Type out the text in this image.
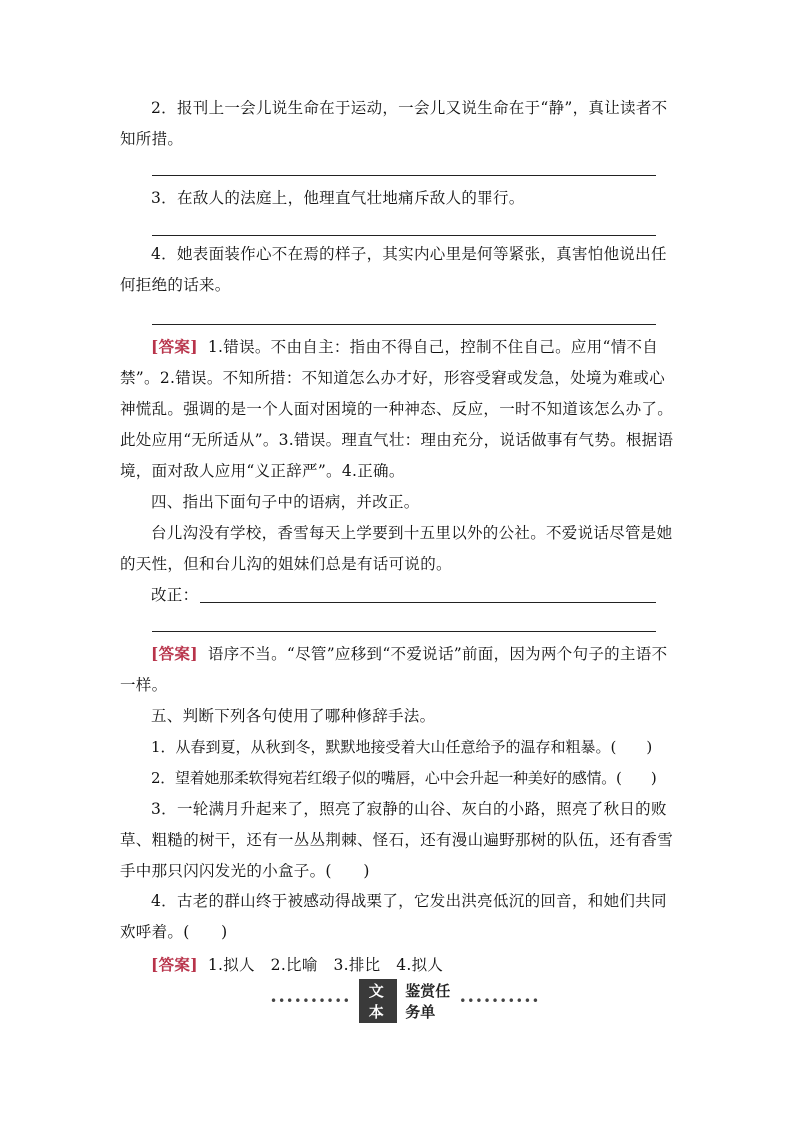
2．报刊上一会儿说生命在于运动，一会儿又说生命在于“静”，真让读者不知所措。

3．在敌人的法庭上，他理直气壮地痛斥敌人的罪行。

4．她表面装作心不在焉的样子，其实内心里是何等紧张，真害怕他说出任何拒绝的话来。

[答案] 1.错误。不由自主：指由不得自己，控制不住自己。应用“情不自禁”。2.错误。不知所措：不知道怎么办才好，形容受窘或发急，处境为难或心神慌乱。强调的是一个人面对困境的一种神态、反应，一时不知道该怎么办了。此处应用“无所适从”。3.错误。理直气壮：理由充分，说话做事有气势。根据语境，面对敌人应用“义正辞严”。4.正确。

四、指出下面句子中的语病，并改正。

台儿沟没有学校，香雪每天上学要到十五里以外的公社。不爱说话尽管是她的天性，但和台儿沟的姐妹们总是有话可说的。

改正：

[答案] 语序不当。“尽管”应移到“不爱说话”前面，因为两个句子的主语不一样。

五、判断下列各句使用了哪种修辞手法。

1．从春到夏，从秋到冬，默默地接受着大山任意给予的温存和粗暴。(　　)

2．望着她那柔软得宛若红缎子似的嘴唇，心中会升起一种美好的感情。(　　)

3．一轮满月升起来了，照亮了寂静的山谷、灰白的小路，照亮了秋日的败草、粗糙的树干，还有一丛丛荆棘、怪石，还有漫山遍野那树的队伍，还有香雪手中那只闪闪发光的小盒子。(　　)

4．古老的群山终于被感动得战栗了，它发出洪亮低沉的回音，和她们共同欢呼着。(　　)

[答案] 1.拟人　2.比喻　3.排比　4.拟人

••••••••••
文本
鉴赏任务单
••••••••••
